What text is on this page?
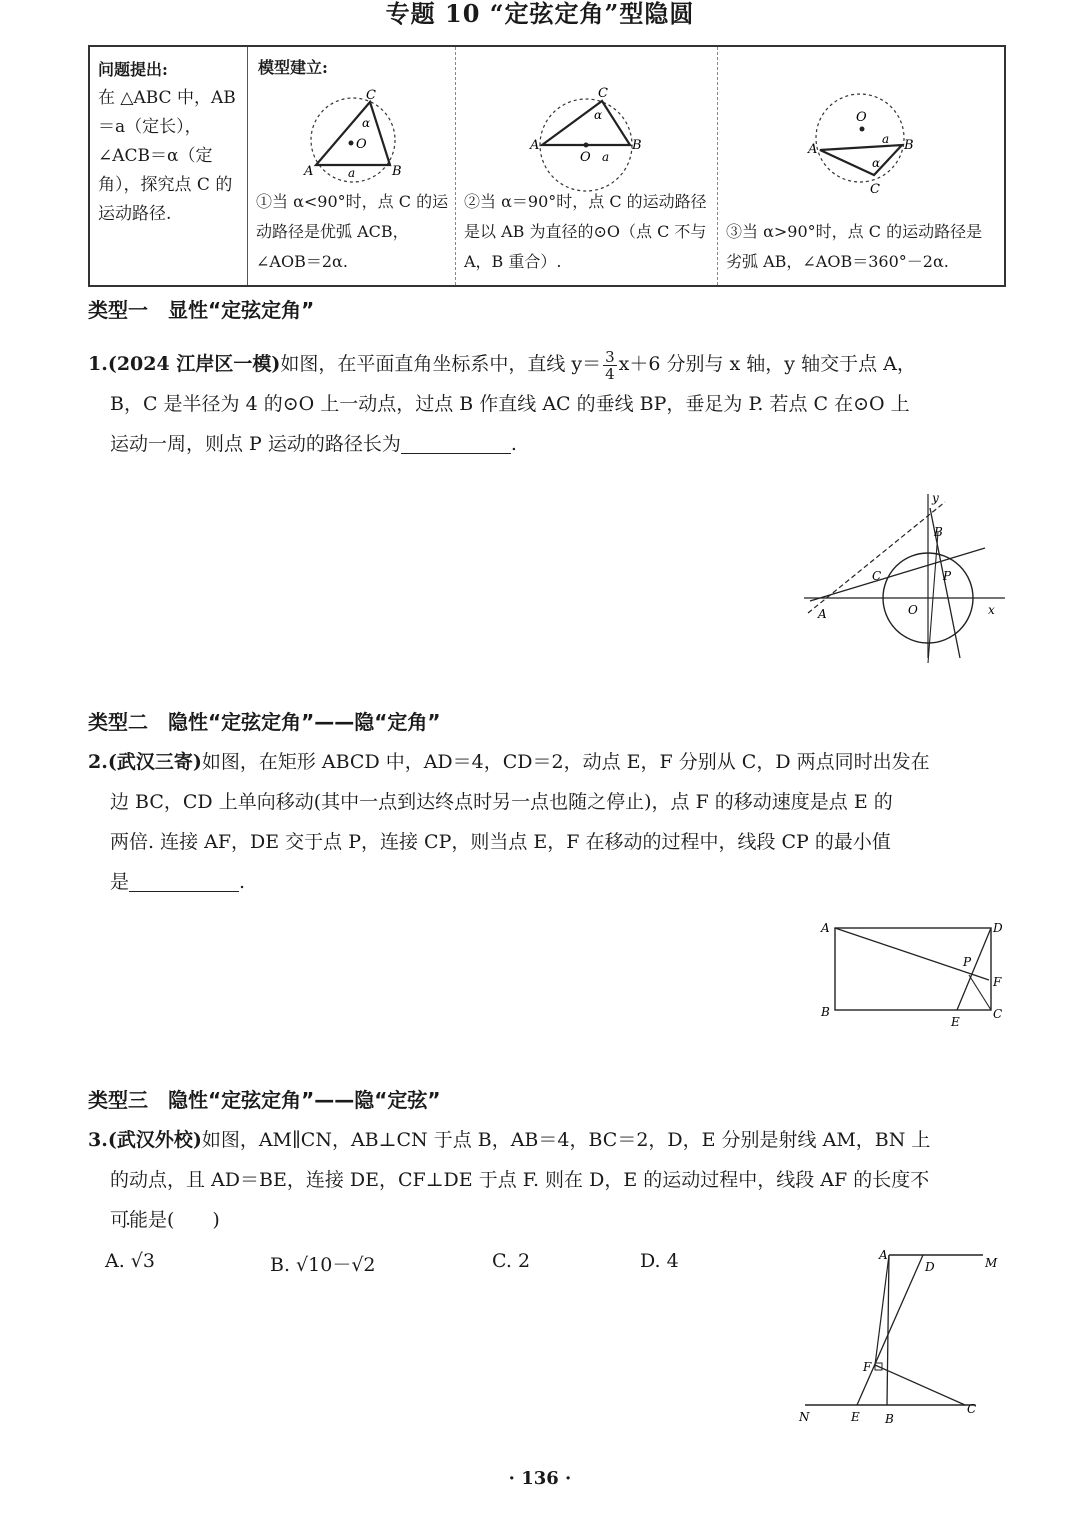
专题 10 “定弦定角”型隐圆
问题提出:
在 △ABC 中，AB＝a（定长），∠ACB＝α（定角），探究点 C 的运动路径.
模型建立:
O
A	B
C
α
a
①当 α<90°时，点 C 的运动路径是优弧 ACB，∠AOB＝2α.
A	B
C
O a
α
②当 α＝90°时，点 C 的运动路径是以 AB 为直径的⊙O（点 C 不与 A，B 重合）.
O
A	B
C
a
α
③当 α>90°时，点 C 的运动路径是劣弧 AB，∠AOB＝360°－2α.
类型一　显性“定弦定角”
1.(2024 江岸区一模)如图，在平面直角坐标系中，直线 $y= \frac{3}{4} x+6$ 分别与 x 轴，y 轴交于点 A，
B，C 是半径为 4 的⊙O 上一动点，过点 B 作直线 AC 的垂线 BP，垂足为 P. 若点 C 在⊙O 上
运动一周，则点 P 运动的路径长为	.
A
B
C	P
O	x
y
类型二　隐性“定弦定角”——隐“定角”
2.(武汉三寄)如图，在矩形 ABCD 中，AD＝4，CD＝2，动点 E，F 分别从 C，D 两点同时出发在
边 BC，CD 上单向移动(其中一点到达终点时另一点也随之停止)，点 F 的移动速度是点 E 的
两倍. 连接 AF，DE 交于点 P，连接 CP，则当点 E，F 在移动的过程中，线段 CP 的最小值
是	.
A	D
P
F
B	C
E
类型三　隐性“定弦定角”——隐“定弦”
3.(武汉外校)如图，AM∥CN，AB⊥CN 于点 B，AB＝4，BC＝2，D，E 分别是射线 AM，BN 上
的动点，且 AD＝BE，连接 DE，CF⊥DE 于点 F. 则在 D，E 的运动过程中，线段 AF 的长度不 ·
可能 ·是(　　)
A. √3	B. √10－√2	C. 2	D. 4	A
D	M
F
N	E B
C
· 136 ·
